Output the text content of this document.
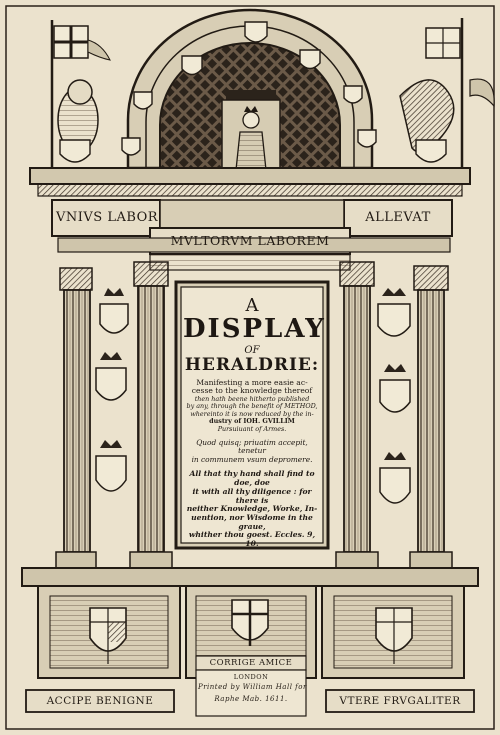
VNIVS LABOR	ALLEVAT
MVLTORVM LABOREM
ACCIPE BENIGNE
CORRIGE AMICE
VTERE FRVGALITER
LONDON
Printed by William Hall for
Raphe Mab. 1611.
A
DISPLAY
OF
HERALDRIE:
Manifesting a more easie ac-
cesse to the knowledge thereof
then hath beene hitherto published
by any, through the benefit of METHOD,
whereinto it is now reduced by the in-
dustry of IOH. GVILLIM
Pursuiuant of Armes.
Quod quisq; priuatim accepit, tenetur
in communem vsum depromere.
All that thy hand shall find to doe, doe
it with all thy diligence : for there is
neither Knowledge, Worke, In-
uention, nor Wisdome in the graue,
whither thou goest. Eccles. 9, 10.
